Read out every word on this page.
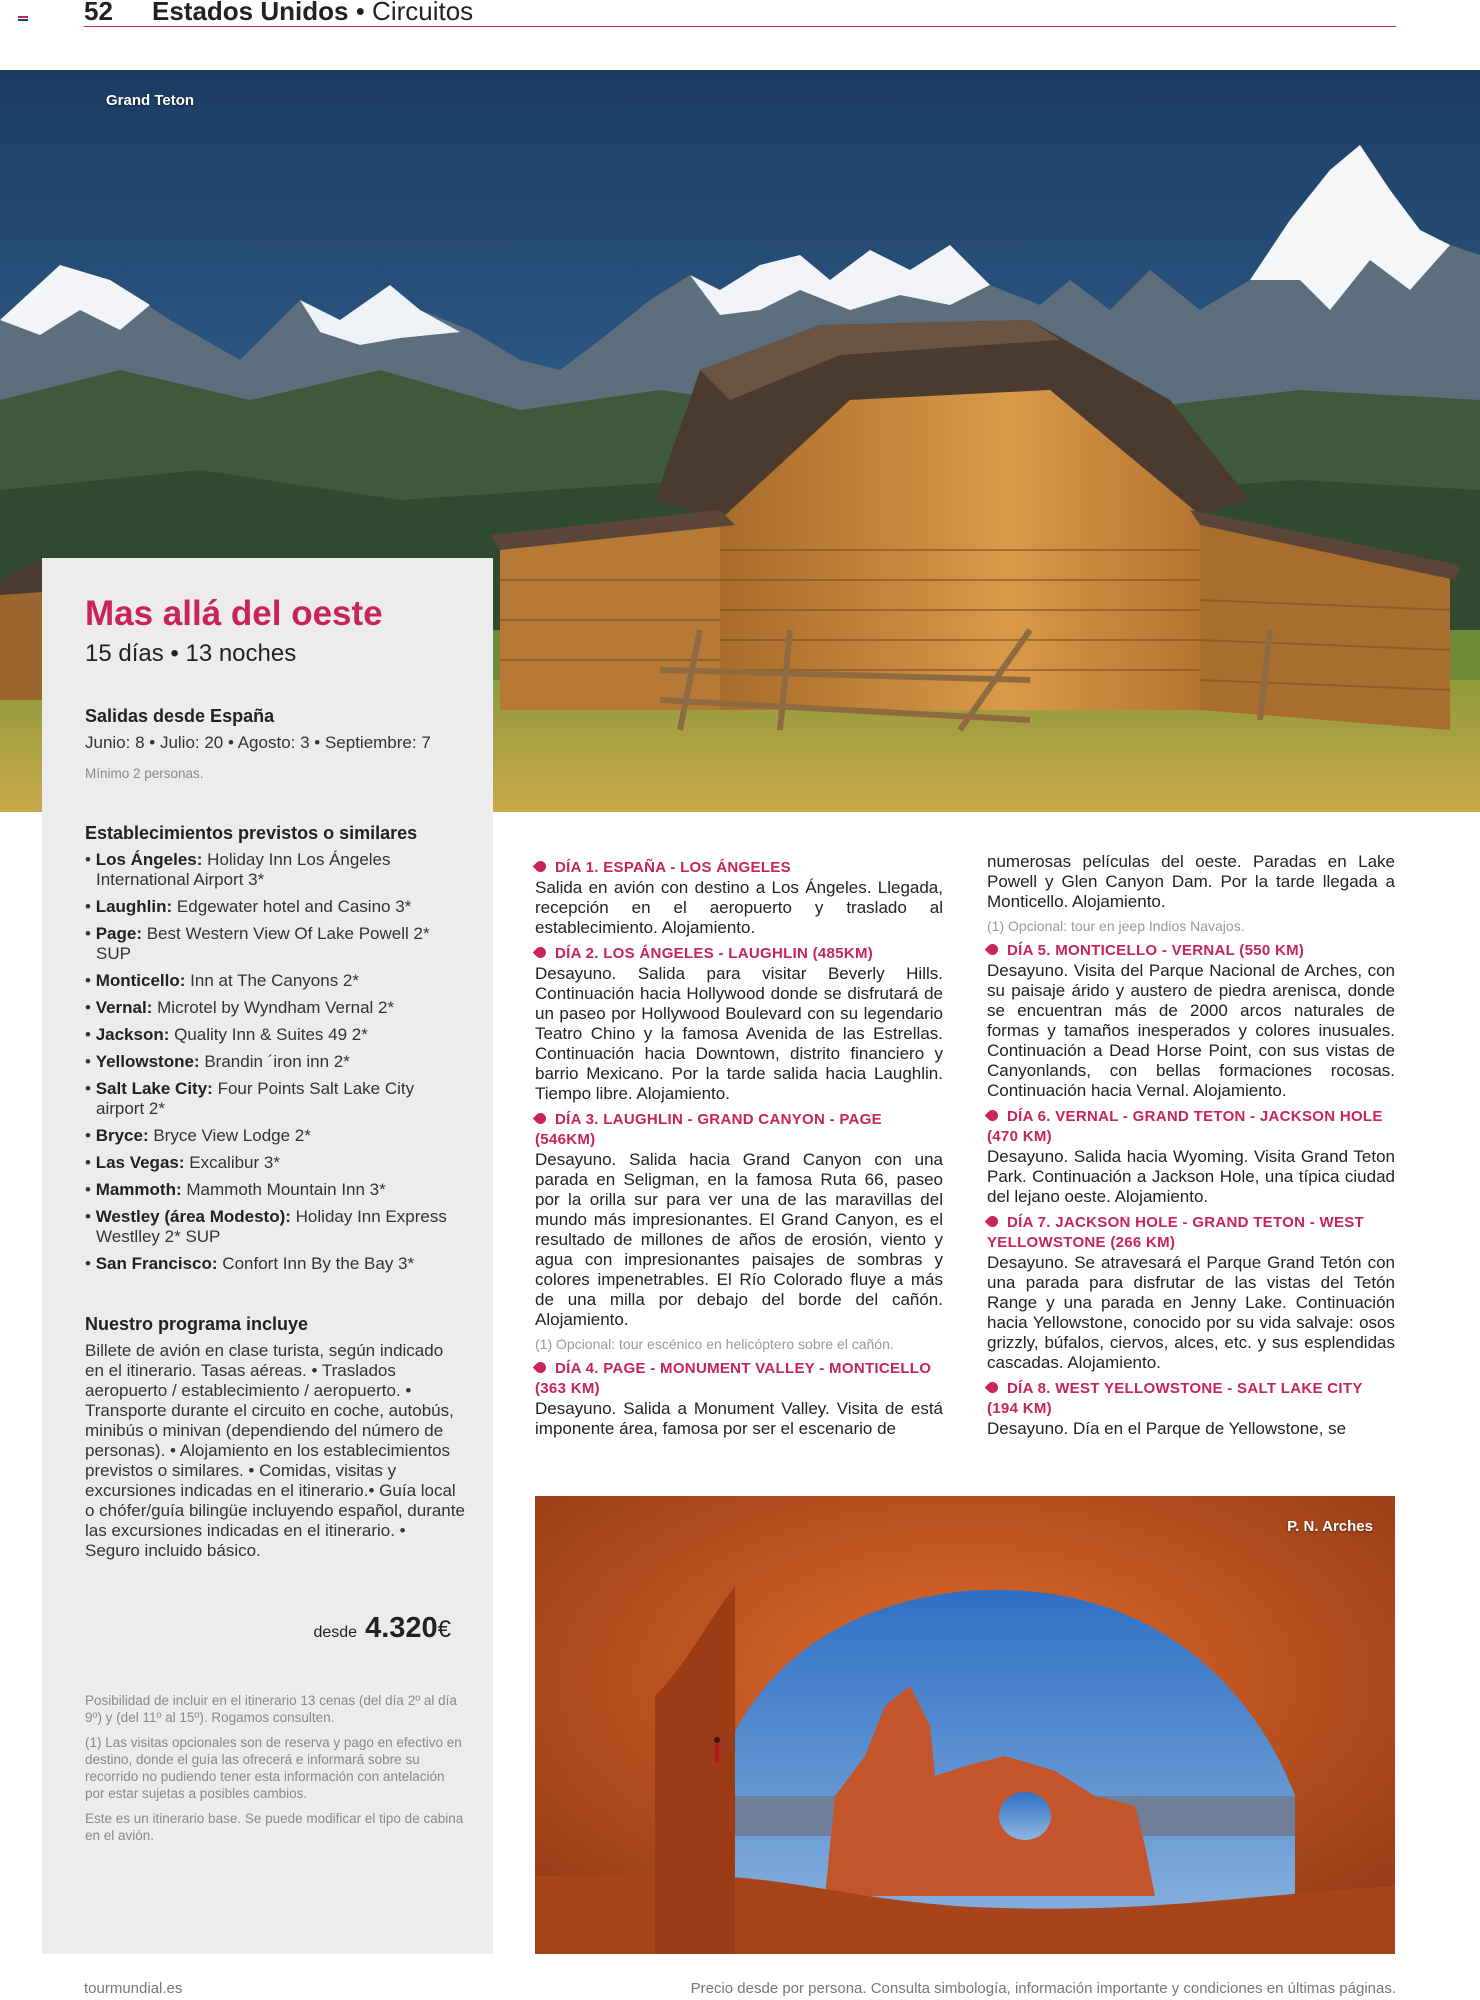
52 Estados Unidos • Circuitos
Grand Teton
Mas allá del oeste
15 días • 13 noches
Salidas desde España
Junio: 8 • Julio: 20 • Agosto: 3 • Septiembre: 7
Mínimo 2 personas.
Establecimientos previstos o similares
• Los Ángeles: Holiday Inn Los Ángeles International Airport 3*
• Laughlin: Edgewater hotel and Casino 3*
• Page: Best Western View Of Lake Powell 2* SUP
• Monticello: Inn at The Canyons 2*
• Vernal: Microtel by Wyndham Vernal 2*
• Jackson: Quality Inn & Suites 49 2*
• Yellowstone: Brandin ´iron inn 2*
• Salt Lake City: Four Points Salt Lake City airport 2*
• Bryce: Bryce View Lodge 2*
• Las Vegas: Excalibur 3*
• Mammoth: Mammoth Mountain Inn 3*
• Westley (área Modesto): Holiday Inn Express Westlley 2* SUP
• San Francisco: Confort Inn By the Bay 3*
Nuestro programa incluye
Billete de avión en clase turista, según indicado en el itinerario. Tasas aéreas. • Traslados aeropuerto / establecimiento / aeropuerto. • Transporte durante el circuito en coche, autobús, minibús o minivan (dependiendo del número de personas). • Alojamiento en los establecimientos previstos o similares. • Comidas, visitas y excursiones indicadas en el itinerario.• Guía local o chófer/guía bilingüe incluyendo español, durante las excursiones indicadas en el itinerario. • Seguro incluido básico.
desde 4.320€
Posibilidad de incluir en el itinerario 13 cenas (del día 2º al día 9º) y (del 11º al 15º). Rogamos consulten.
(1) Las visitas opcionales son de reserva y pago en efectivo en destino, donde el guía las ofrecerá e informará sobre su recorrido no pudiendo tener esta información con antelación por estar sujetas a posibles cambios.
Este es un itinerario base. Se puede modificar el tipo de cabina en el avión.
DÍA 1. ESPAÑA - LOS ÁNGELES
Salida en avión con destino a Los Ángeles. Llegada, recepción en el aeropuerto y traslado al establecimiento. Alojamiento.
DÍA 2. LOS ÁNGELES - LAUGHLIN (485KM)
Desayuno. Salida para visitar Beverly Hills. Continuación hacia Hollywood donde se disfrutará de un paseo por Hollywood Boulevard con su legendario Teatro Chino y la famosa Avenida de las Estrellas. Continuación hacia Downtown, distrito financiero y barrio Mexicano. Por la tarde salida hacia Laughlin. Tiempo libre. Alojamiento.
DÍA 3. LAUGHLIN - GRAND CANYON - PAGE (546KM)
Desayuno. Salida hacia Grand Canyon con una parada en Seligman, en la famosa Ruta 66, paseo por la orilla sur para ver una de las maravillas del mundo más impresionantes. El Grand Canyon, es el resultado de millones de años de erosión, viento y agua con impresionantes paisajes de sombras y colores impenetrables. El Río Colorado fluye a más de una milla por debajo del borde del cañón. Alojamiento.
(1) Opcional: tour escénico en helicóptero sobre el cañón.
DÍA 4. PAGE - MONUMENT VALLEY - MONTICELLO (363 KM)
Desayuno. Salida a Monument Valley. Visita de está imponente área, famosa por ser el escenario de
numerosas películas del oeste. Paradas en Lake Powell y Glen Canyon Dam. Por la tarde llegada a Monticello. Alojamiento.
(1) Opcional: tour en jeep Indios Navajos.
DÍA 5. MONTICELLO - VERNAL (550 KM)
Desayuno. Visita del Parque Nacional de Arches, con su paisaje árido y austero de piedra arenisca, donde se encuentran más de 2000 arcos naturales de formas y tamaños inesperados y colores inusuales. Continuación a Dead Horse Point, con sus vistas de Canyonlands, con bellas formaciones rocosas. Continuación hacia Vernal. Alojamiento.
DÍA 6. VERNAL - GRAND TETON - JACKSON HOLE (470 KM)
Desayuno. Salida hacia Wyoming. Visita Grand Teton Park. Continuación a Jackson Hole, una típica ciudad del lejano oeste. Alojamiento.
DÍA 7. JACKSON HOLE - GRAND TETON - WEST YELLOWSTONE (266 KM)
Desayuno. Se atravesará el Parque Grand Tetón con una parada para disfrutar de las vistas del Tetón Range y una parada en Jenny Lake. Continuación hacia Yellowstone, conocido por su vida salvaje: osos grizzly, búfalos, ciervos, alces, etc. y sus esplendidas cascadas. Alojamiento.
DÍA 8. WEST YELLOWSTONE - SALT LAKE CITY (194 KM)
Desayuno. Día en el Parque de Yellowstone, se
P. N. Arches
tourmundial.es	Precio desde por persona. Consulta simbología, información importante y condiciones en últimas páginas.
